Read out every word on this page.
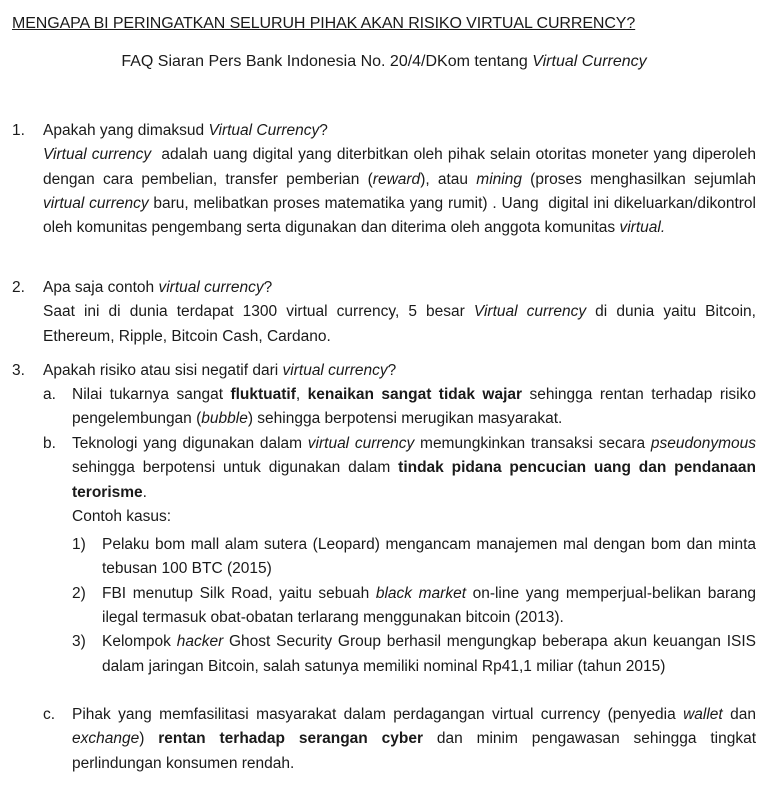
MENGAPA BI PERINGATKAN SELURUH PIHAK AKAN RISIKO VIRTUAL CURRENCY?
FAQ Siaran Pers Bank Indonesia No. 20/4/DKom tentang Virtual Currency
1.	Apakah yang dimaksud Virtual Currency?
Virtual currency  adalah uang digital yang diterbitkan oleh pihak selain otoritas moneter yang diperoleh dengan cara pembelian, transfer pemberian (reward), atau mining (proses menghasilkan sejumlah virtual currency baru, melibatkan proses matematika yang rumit) . Uang  digital ini dikeluarkan/dikontrol oleh komunitas pengembang serta digunakan dan diterima oleh anggota komunitas virtual.
2.	Apa saja contoh virtual currency?
Saat ini di dunia terdapat 1300 virtual currency, 5 besar Virtual currency di dunia yaitu Bitcoin, Ethereum, Ripple, Bitcoin Cash, Cardano.
3.	Apakah risiko atau sisi negatif dari virtual currency?
a.	Nilai tukarnya sangat fluktuatif, kenaikan sangat tidak wajar sehingga rentan terhadap risiko pengelembungan (bubble) sehingga berpotensi merugikan masyarakat.
b.	Teknologi yang digunakan dalam virtual currency memungkinkan transaksi secara pseudonymous sehingga berpotensi untuk digunakan dalam tindak pidana pencucian uang dan pendanaan terorisme.
Contoh kasus:
1) Pelaku bom mall alam sutera (Leopard) mengancam manajemen mal dengan bom dan minta tebusan 100 BTC (2015)
2) FBI menutup Silk Road, yaitu sebuah black market on-line yang memperjual-belikan barang ilegal termasuk obat-obatan terlarang menggunakan bitcoin (2013).
3) Kelompok hacker Ghost Security Group berhasil mengungkap beberapa akun keuangan ISIS dalam jaringan Bitcoin, salah satunya memiliki nominal Rp41,1 miliar (tahun 2015)
c.	Pihak yang memfasilitasi masyarakat dalam perdagangan virtual currency (penyedia wallet dan exchange) rentan terhadap serangan cyber dan minim pengawasan sehingga tingkat perlindungan konsumen rendah.
